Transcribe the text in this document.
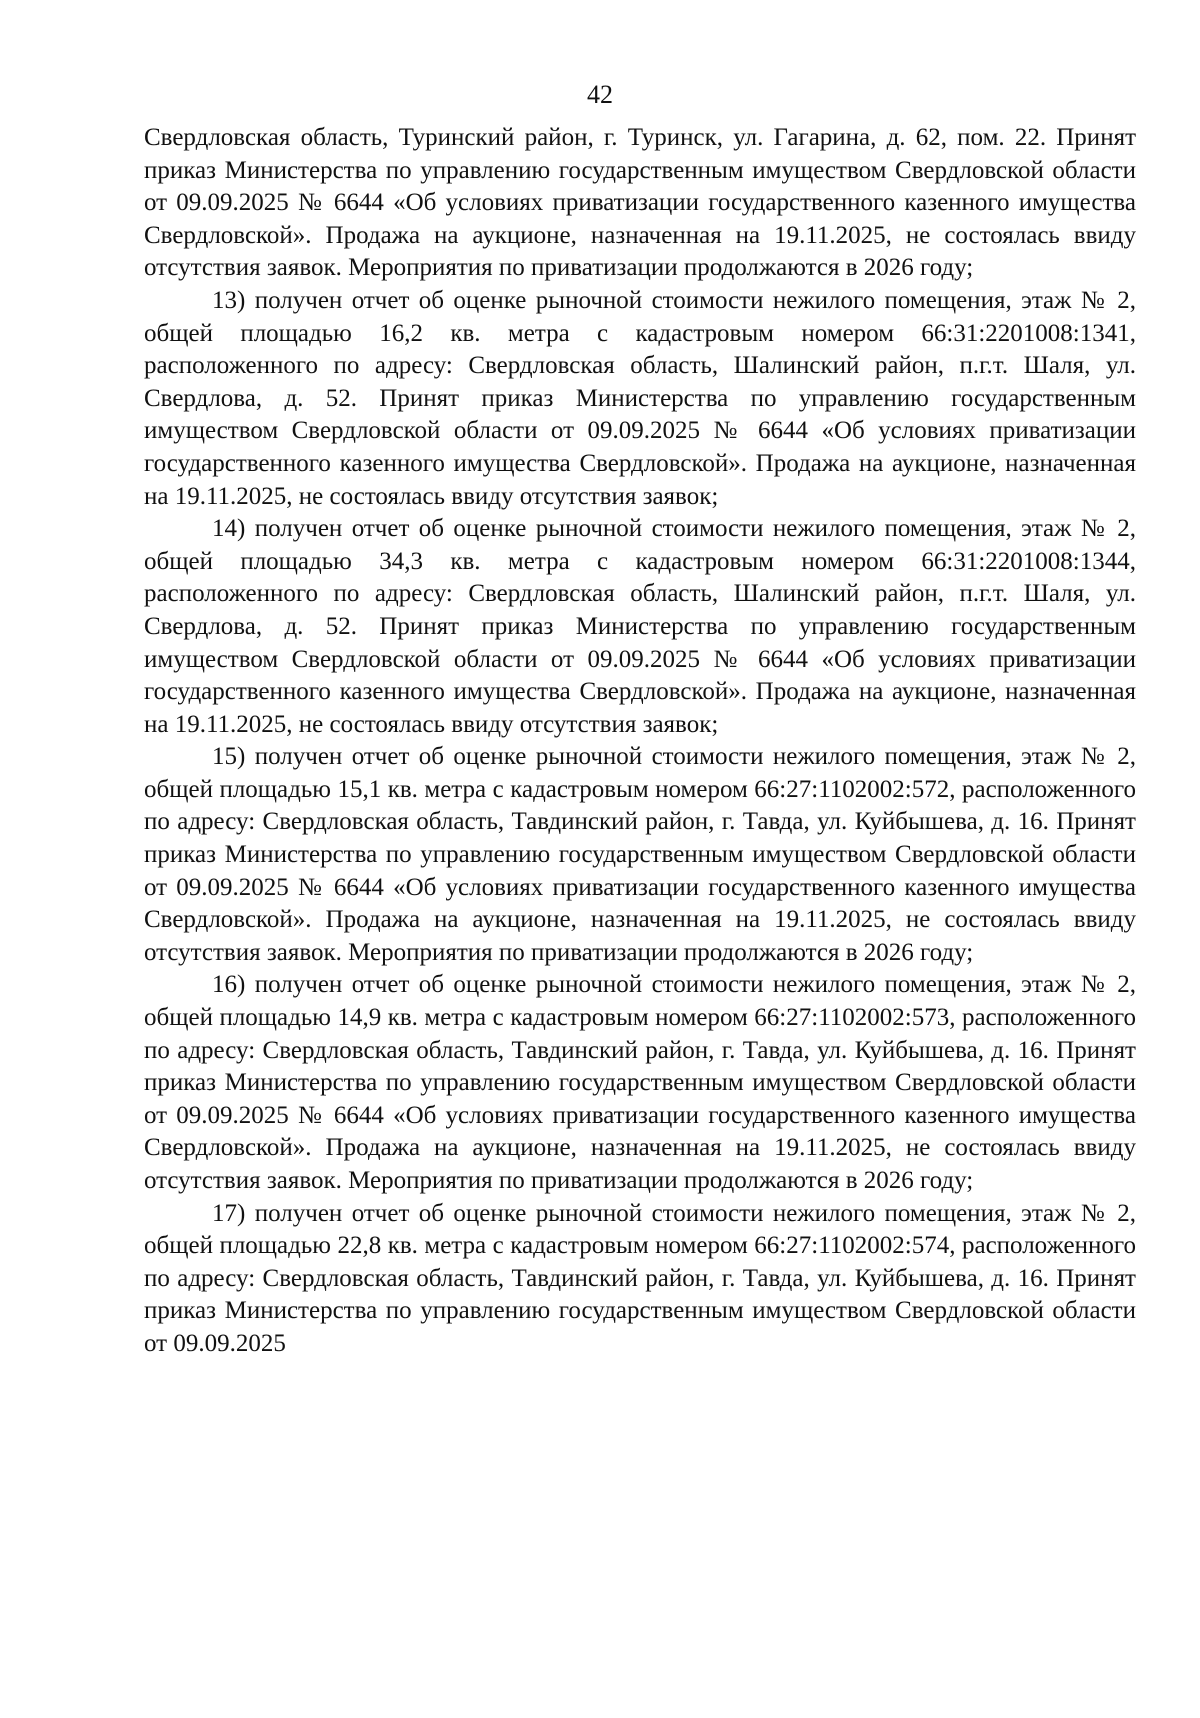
42

Свердловская область, Туринский район, г. Туринск, ул. Гагарина, д. 62, пом. 22. Принят приказ Министерства по управлению государственным имуществом Свердловской области от 09.09.2025 № 6644 «Об условиях приватизации государственного казенного имущества Свердловской». Продажа на аукционе, назначенная на 19.11.2025, не состоялась ввиду отсутствия заявок. Мероприятия по приватизации продолжаются в 2026 году;

13) получен отчет об оценке рыночной стоимости нежилого помещения, этаж № 2, общей площадью 16,2 кв. метра с кадастровым номером 66:31:2201008:1341, расположенного по адресу: Свердловская область, Шалинский район, п.г.т. Шаля, ул. Свердлова, д. 52. Принят приказ Министерства по управлению государственным имуществом Свердловской области от 09.09.2025 № 6644 «Об условиях приватизации государственного казенного имущества Свердловской». Продажа на аукционе, назначенная на 19.11.2025, не состоялась ввиду отсутствия заявок;

14) получен отчет об оценке рыночной стоимости нежилого помещения, этаж № 2, общей площадью 34,3 кв. метра с кадастровым номером 66:31:2201008:1344, расположенного по адресу: Свердловская область, Шалинский район, п.г.т. Шаля, ул. Свердлова, д. 52. Принят приказ Министерства по управлению государственным имуществом Свердловской области от 09.09.2025 № 6644 «Об условиях приватизации государственного казенного имущества Свердловской». Продажа на аукционе, назначенная на 19.11.2025, не состоялась ввиду отсутствия заявок;

15) получен отчет об оценке рыночной стоимости нежилого помещения, этаж № 2, общей площадью 15,1 кв. метра с кадастровым номером 66:27:1102002:572, расположенного по адресу: Свердловская область, Тавдинский район, г. Тавда, ул. Куйбышева, д. 16. Принят приказ Министерства по управлению государственным имуществом Свердловской области от 09.09.2025 № 6644 «Об условиях приватизации государственного казенного имущества Свердловской». Продажа на аукционе, назначенная на 19.11.2025, не состоялась ввиду отсутствия заявок. Мероприятия по приватизации продолжаются в 2026 году;

16) получен отчет об оценке рыночной стоимости нежилого помещения, этаж № 2, общей площадью 14,9 кв. метра с кадастровым номером 66:27:1102002:573, расположенного по адресу: Свердловская область, Тавдинский район, г. Тавда, ул. Куйбышева, д. 16. Принят приказ Министерства по управлению государственным имуществом Свердловской области от 09.09.2025 № 6644 «Об условиях приватизации государственного казенного имущества Свердловской». Продажа на аукционе, назначенная на 19.11.2025, не состоялась ввиду отсутствия заявок. Мероприятия по приватизации продолжаются в 2026 году;

17) получен отчет об оценке рыночной стоимости нежилого помещения, этаж № 2, общей площадью 22,8 кв. метра с кадастровым номером 66:27:1102002:574, расположенного по адресу: Свердловская область, Тавдинский район, г. Тавда, ул. Куйбышева, д. 16. Принят приказ Министерства по управлению государственным имуществом Свердловской области от 09.09.2025
